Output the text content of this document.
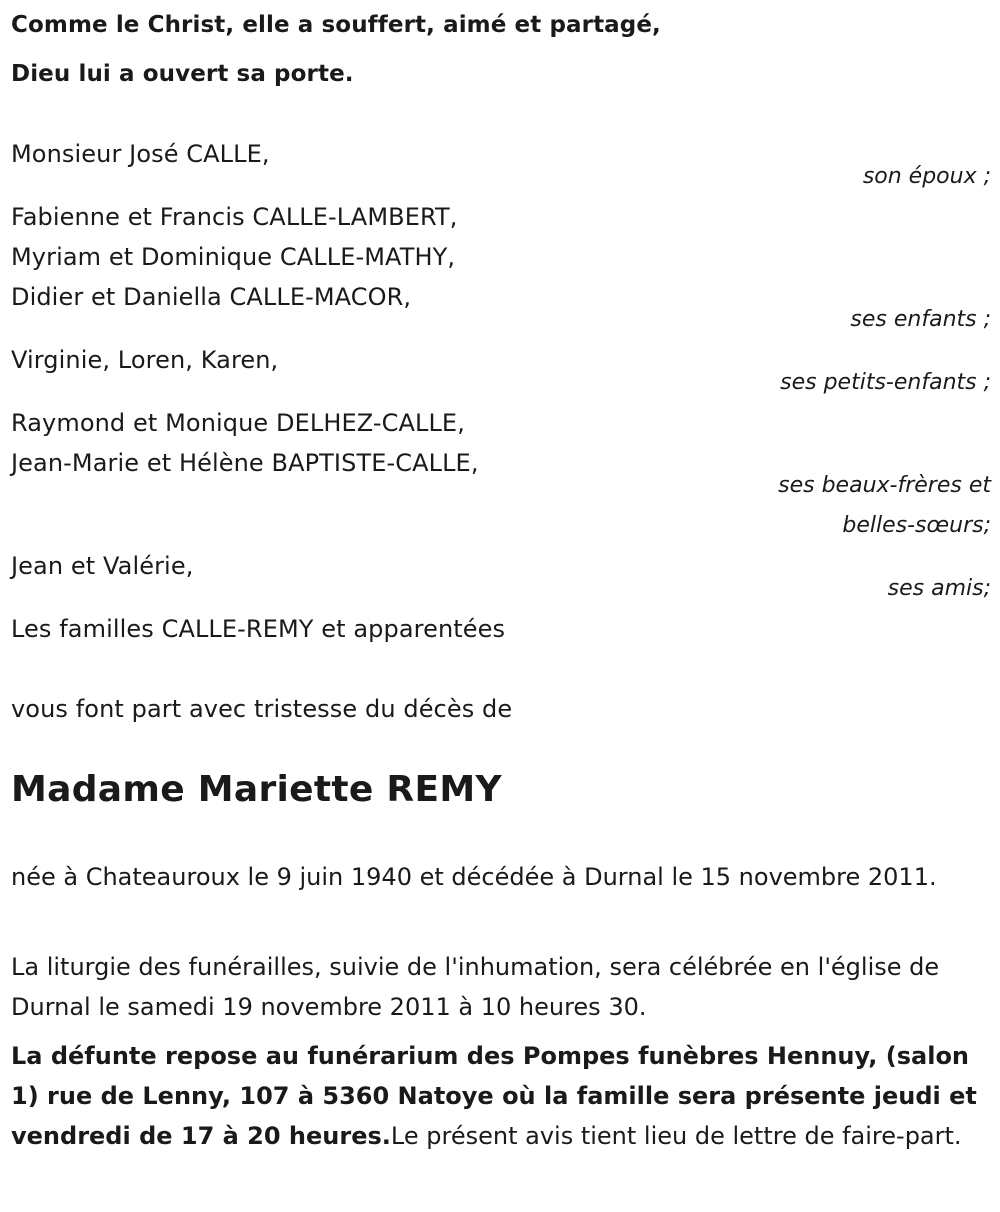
Comme le Christ, elle a souffert, aimé et partagé,
Dieu lui a ouvert sa porte.
Monsieur José CALLE,
son époux ;
Fabienne et Francis CALLE-LAMBERT,
Myriam et Dominique CALLE-MATHY,
Didier et Daniella CALLE-MACOR,
ses enfants ;
Virginie, Loren, Karen,
ses petits-enfants ;
Raymond et Monique DELHEZ-CALLE,
Jean-Marie et Hélène BAPTISTE-CALLE,
ses beaux-frères et
belles-sœurs;
Jean et Valérie,
ses amis;
Les familles CALLE-REMY et apparentées
vous font part avec tristesse du décès de
Madame Mariette REMY
née à Chateauroux le 9 juin 1940 et décédée à Durnal le 15 novembre 2011.
La liturgie des funérailles, suivie de l'inhumation, sera célébrée en l'église de Durnal le samedi 19 novembre 2011 à 10 heures 30.
La défunte repose au funérarium des Pompes funèbres Hennuy, (salon 1) rue de Lenny, 107 à 5360 Natoye où la famille sera présente jeudi et vendredi de 17 à 20 heures.Le présent avis tient lieu de lettre de faire-part.
